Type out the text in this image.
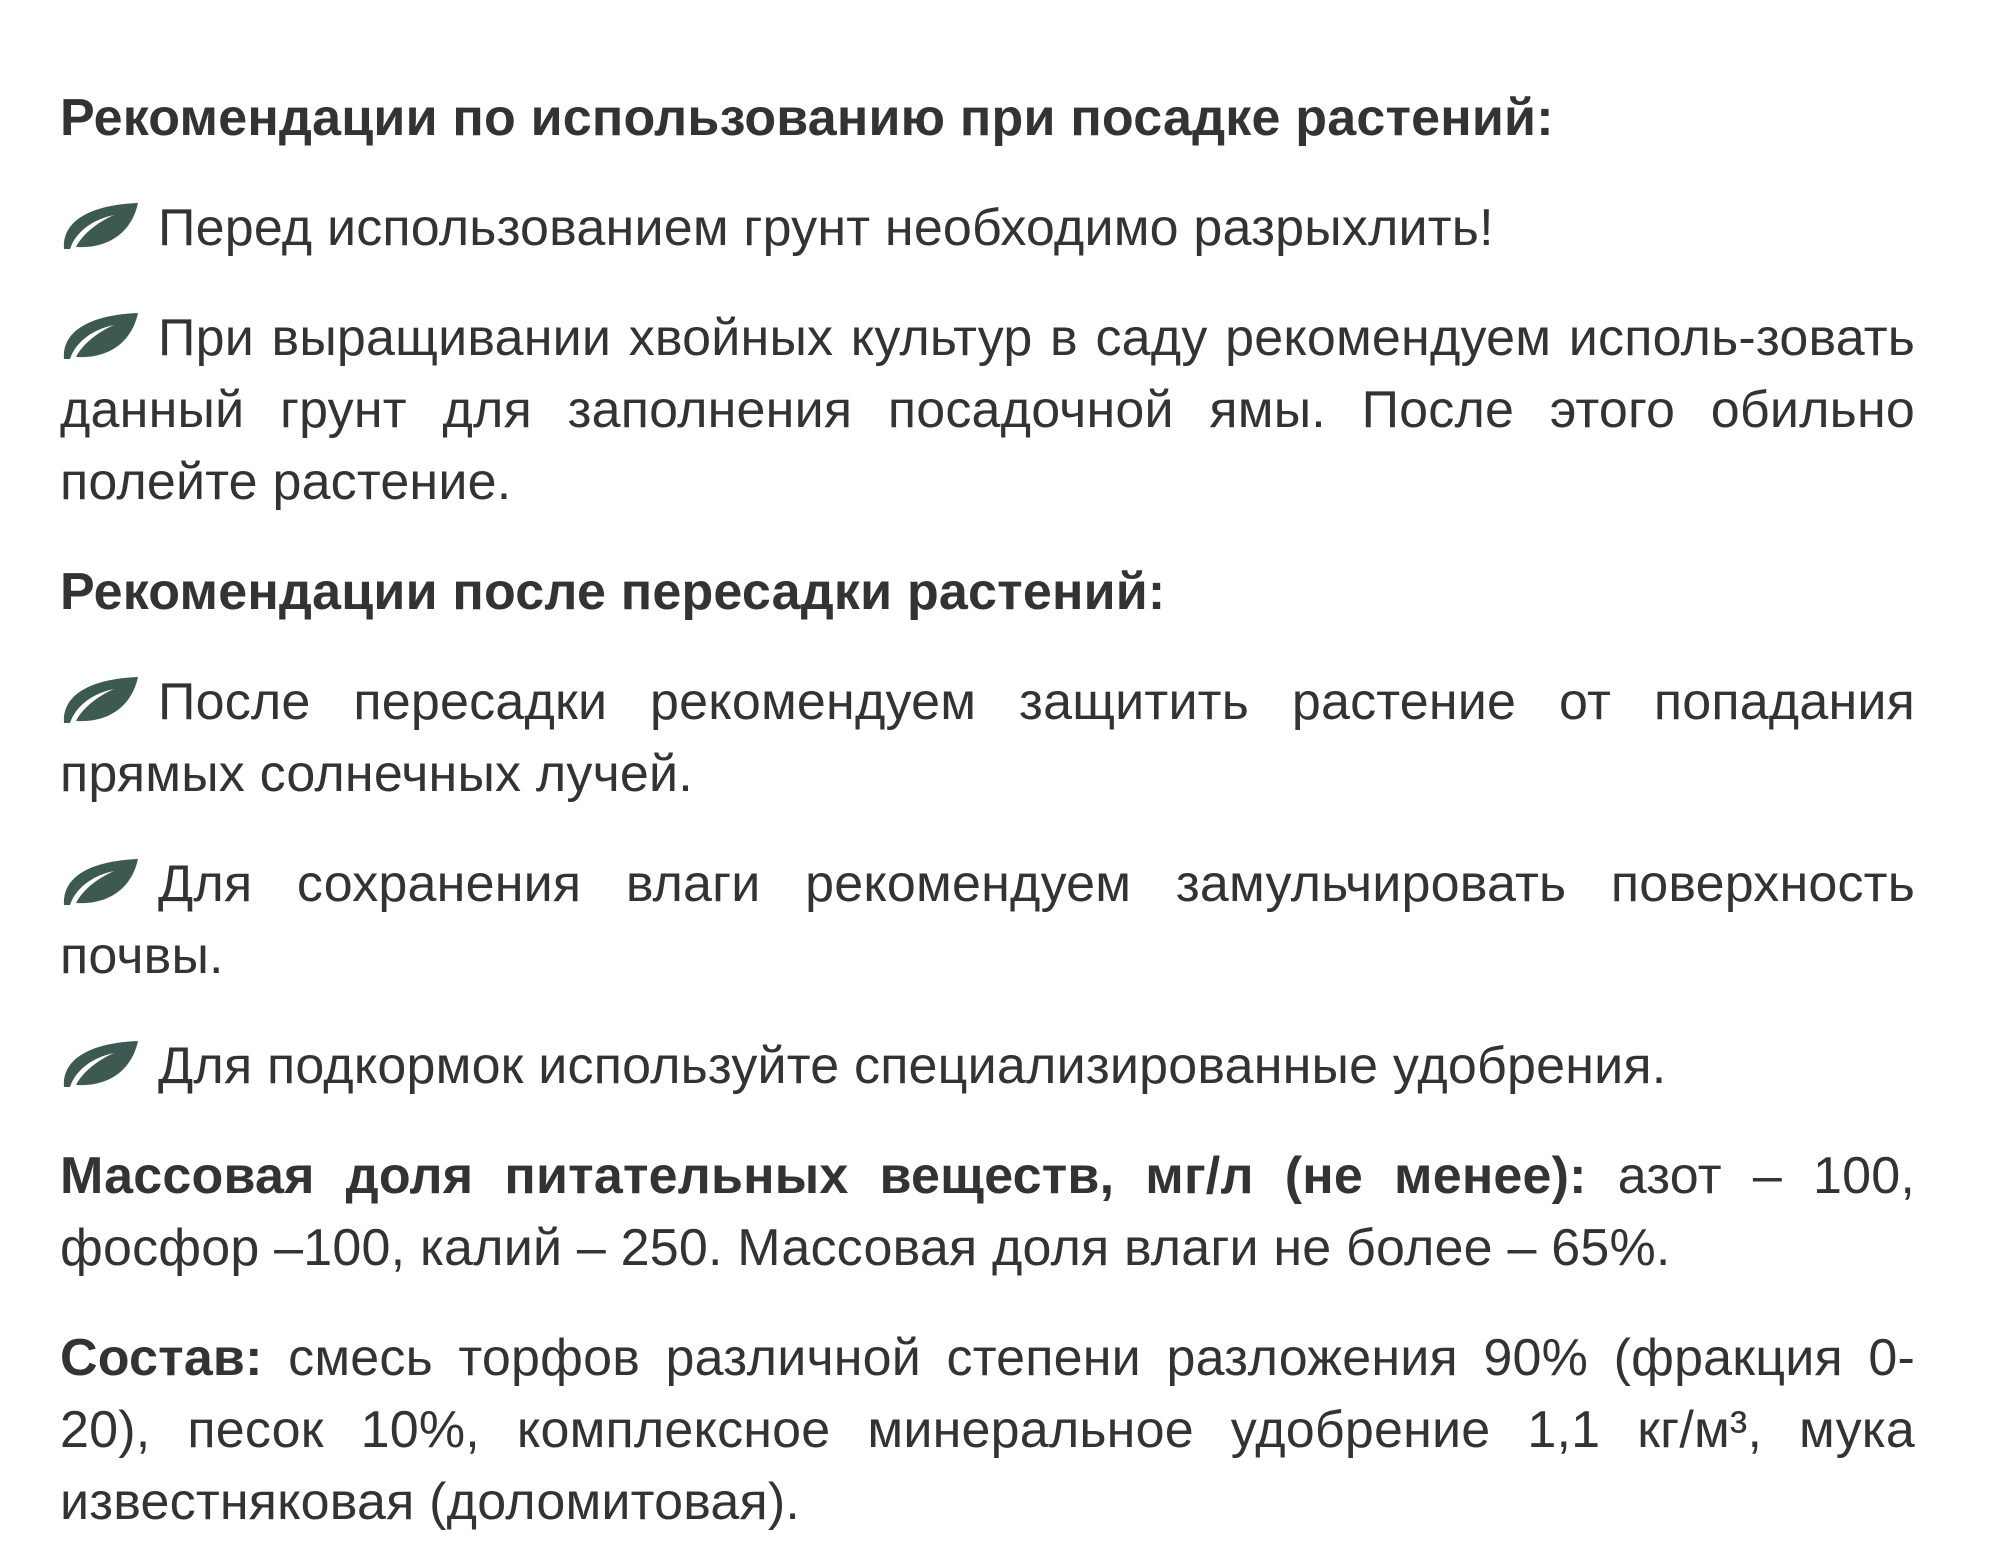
Рекомендации по использованию при посадке растений:

Перед использованием грунт необходимо разрыхлить!

При выращивании хвойных культур в саду рекомендуем исполь-зовать данный грунт для заполнения посадочной ямы. После этого обильно полейте растение.

Рекомендации после пересадки растений:

После пересадки рекомендуем защитить растение от попадания прямых солнечных лучей.

Для сохранения влаги рекомендуем замульчировать поверхность почвы.

Для подкормок используйте специализированные удобрения.

Массовая доля питательных веществ, мг/л (не менее): азот – 100, фосфор –100, калий – 250. Массовая доля влаги не более – 65%.

Состав: смесь торфов различной степени разложения 90% (фракция 0-20), песок 10%, комплексное минеральное удобрение 1,1 кг/м³, мука известняковая (доломитовая).
